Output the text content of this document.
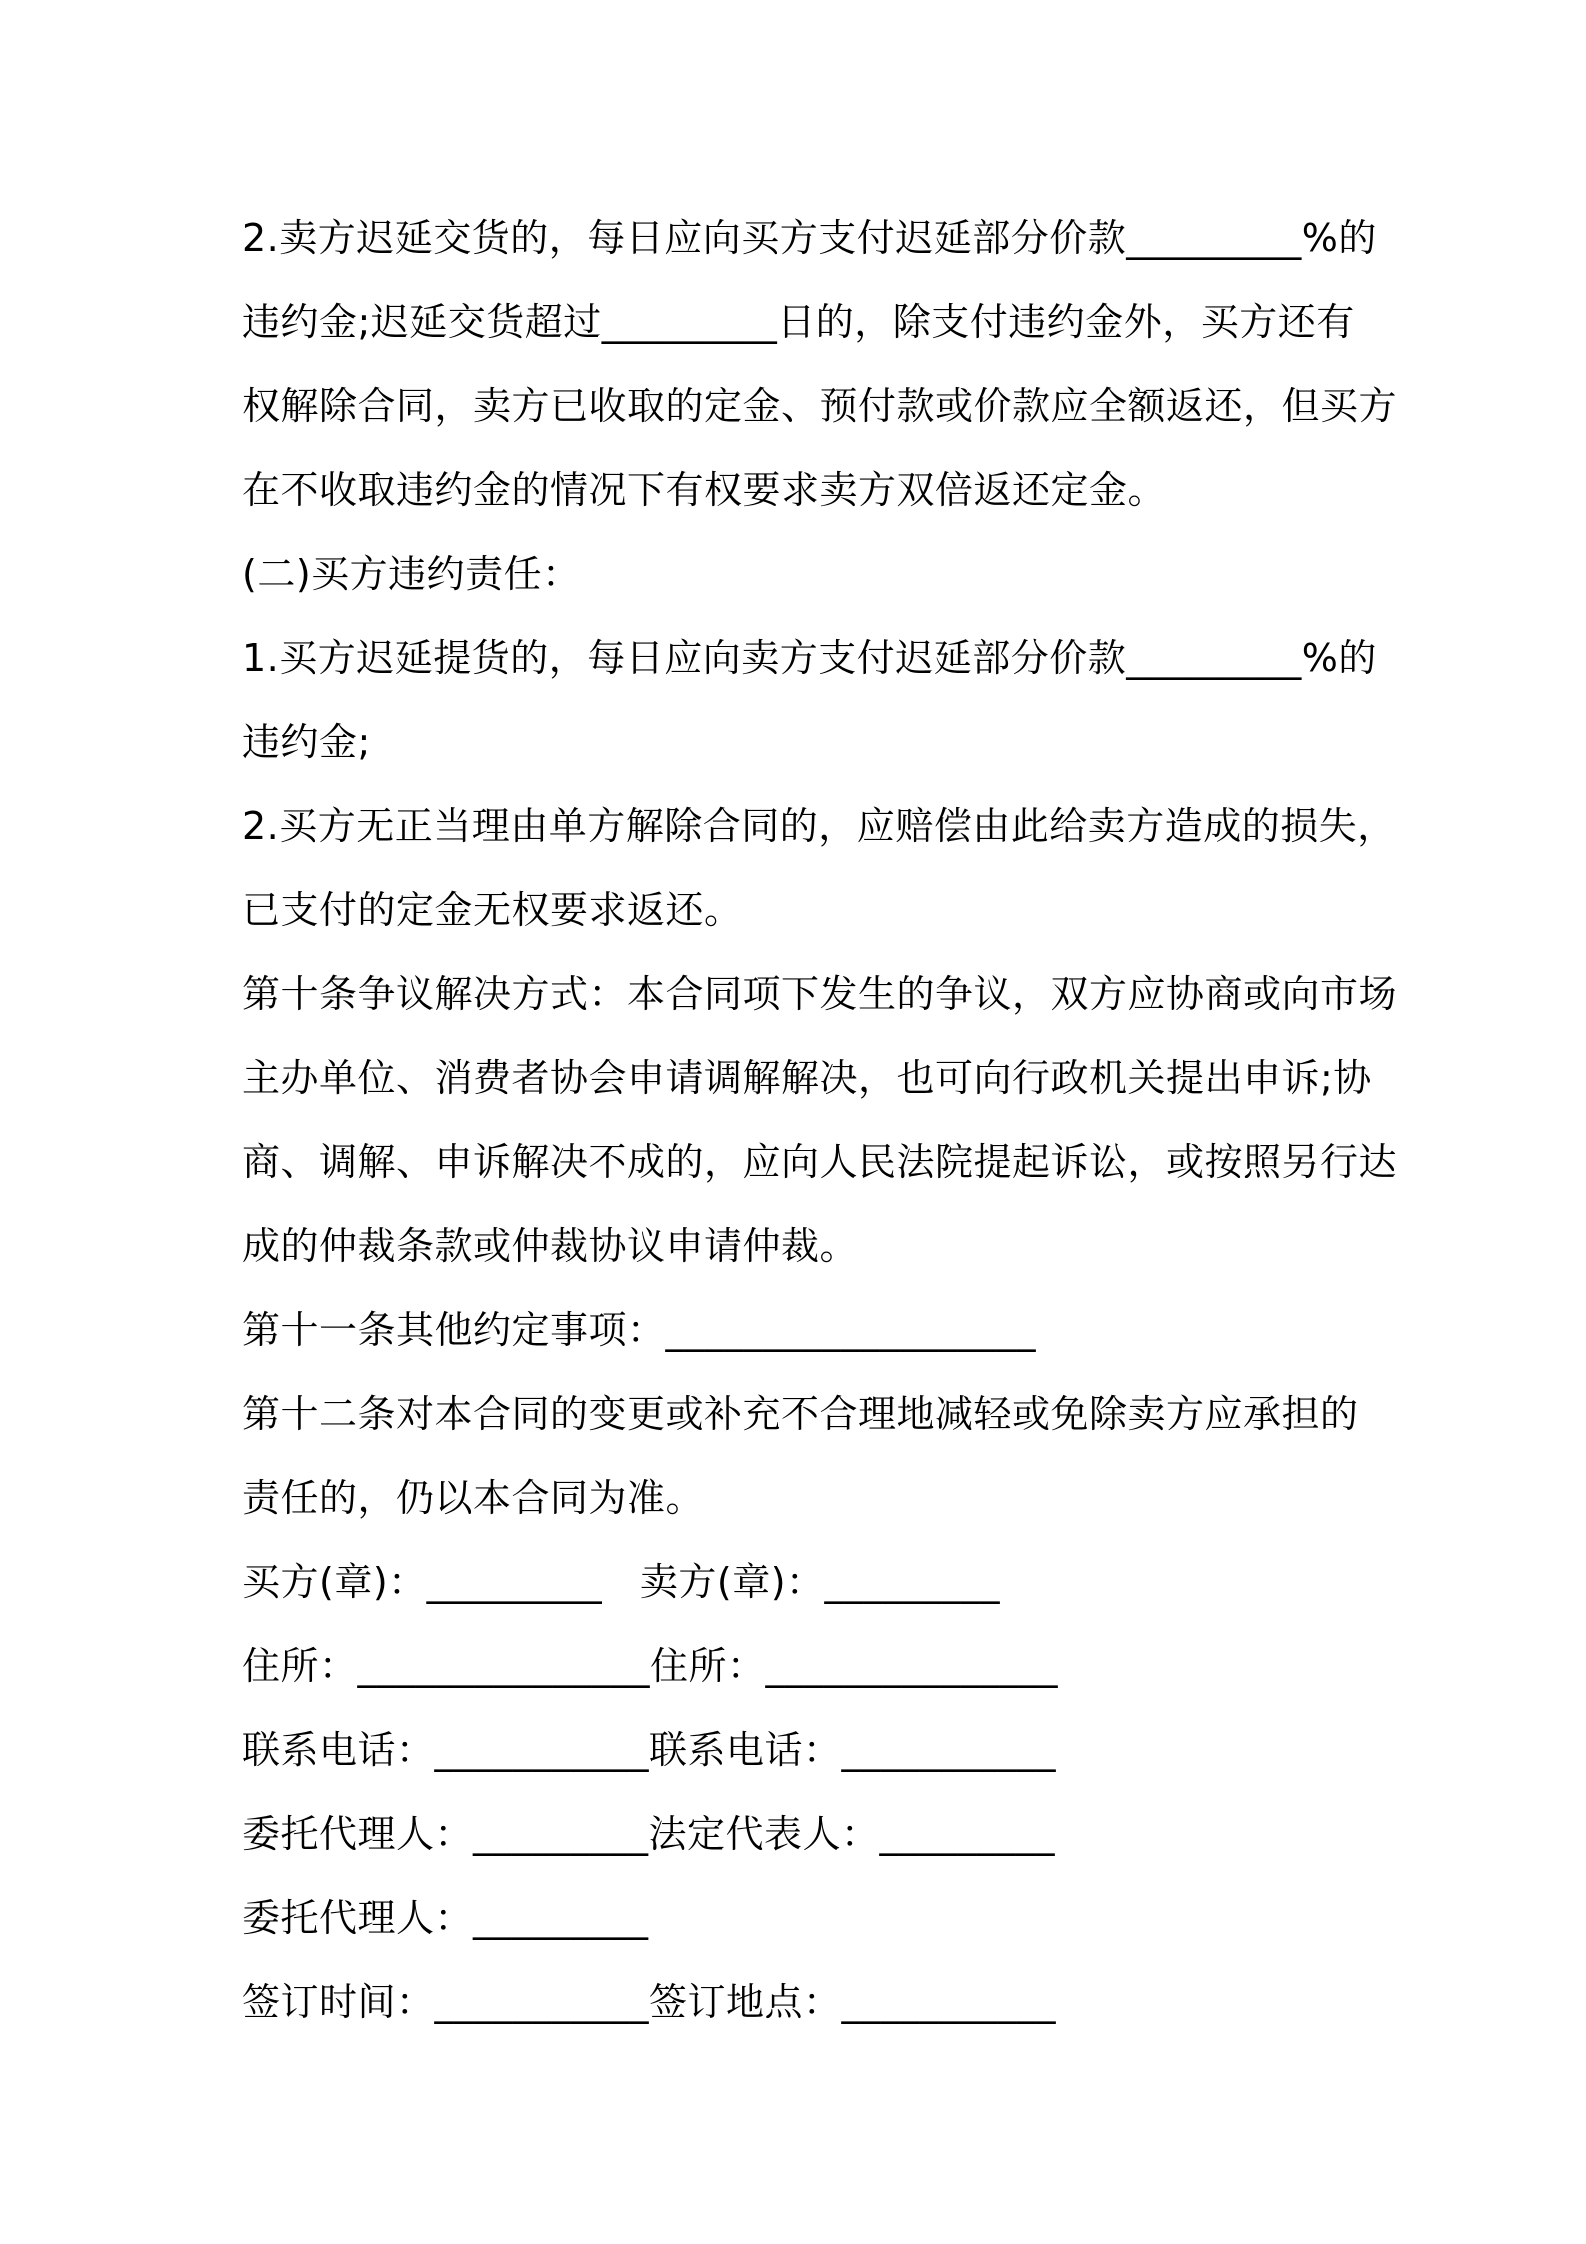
2.卖方迟延交货的，每日应向买方支付迟延部分价款_________%的

违约金;迟延交货超过_________日的，除支付违约金外，买方还有

权解除合同，卖方已收取的定金、预付款或价款应全额返还，但买方

在不收取违约金的情况下有权要求卖方双倍返还定金。

(二)买方违约责任：

1.买方迟延提货的，每日应向卖方支付迟延部分价款_________%的

违约金;

2.买方无正当理由单方解除合同的，应赔偿由此给卖方造成的损失，

已支付的定金无权要求返还。

第十条争议解决方式：本合同项下发生的争议，双方应协商或向市场

主办单位、消费者协会申请调解解决，也可向行政机关提出申诉;协

商、调解、申诉解决不成的，应向人民法院提起诉讼，或按照另行达

成的仲裁条款或仲裁协议申请仲裁。

第十一条其他约定事项：___________________

第十二条对本合同的变更或补充不合理地减轻或免除卖方应承担的

责任的，仍以本合同为准。

买方(章)：_________   卖方(章)：_________

住所：_______________住所：_______________

联系电话：___________联系电话：___________

委托代理人：_________法定代表人：_________

委托代理人：_________

签订时间：___________签订地点：___________
